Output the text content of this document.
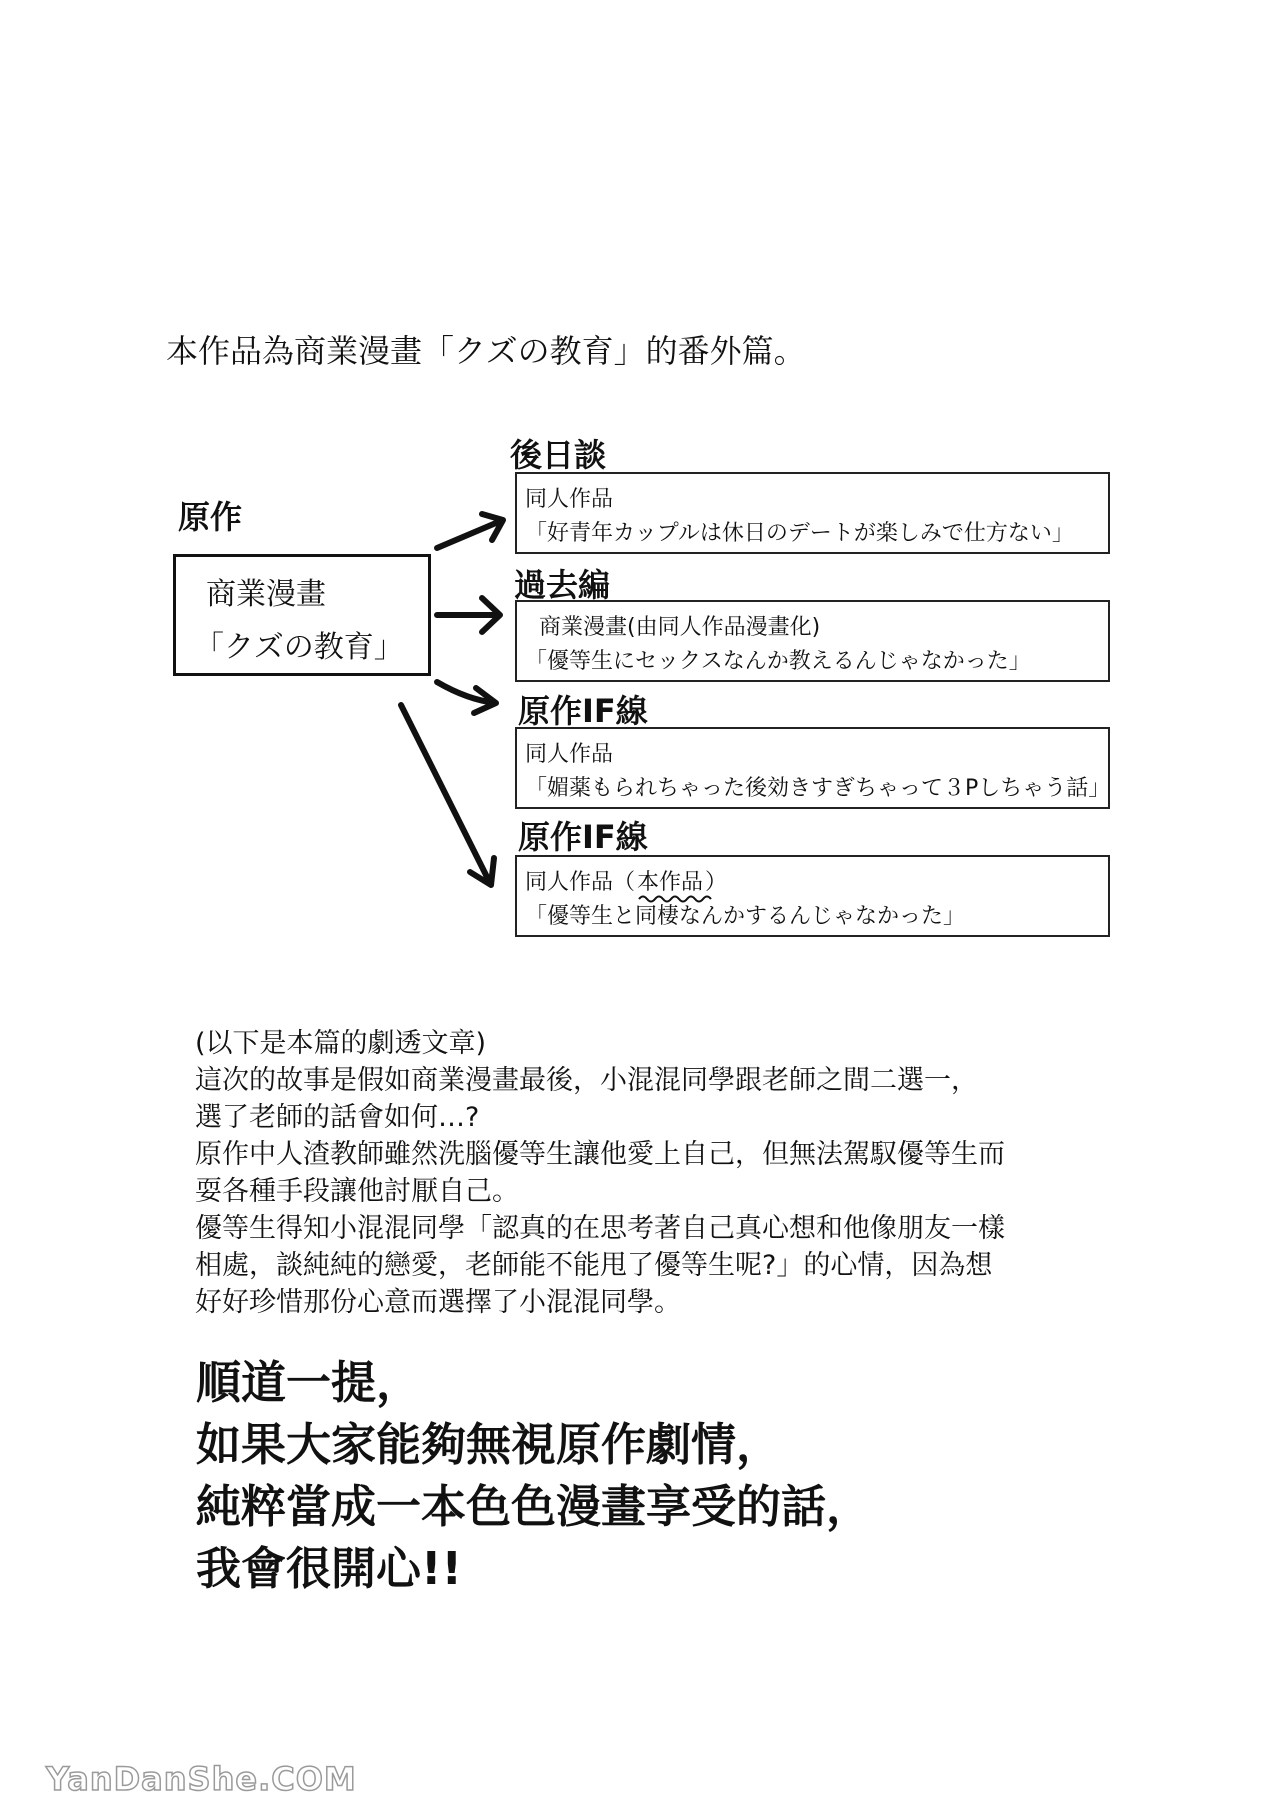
本作品為商業漫畫「クズの教育」的番外篇。
原作
商業漫畫
「クズの教育」
後日談
同人作品
「好青年カップルは休日のデートが楽しみで仕方ない」
過去編
商業漫畫(由同人作品漫畫化)
「優等生にセックスなんか教えるんじゃなかった」
原作IF線
同人作品
「媚薬もられちゃった後効きすぎちゃって３Pしちゃう話」
原作IF線
同人作品（本作品
）
「優等生と同棲なんかするんじゃなかった」
(以下是本篇的劇透文章)
這次的故事是假如商業漫畫最後，小混混同學跟老師之間二選一，
選了老師的話會如何…?
原作中人渣教師雖然洗腦優等生讓他愛上自己，但無法駕馭優等生而
耍各種手段讓他討厭自己。
優等生得知小混混同學「認真的在思考著自己真心想和他像朋友一樣
相處，談純純的戀愛，老師能不能甩了優等生呢?」的心情，因為想
好好珍惜那份心意而選擇了小混混同學。
順道一提，
如果大家能夠無視原作劇情，
純粹當成一本色色漫畫享受的話，
我會很開心!!
YanDanShe.COM
